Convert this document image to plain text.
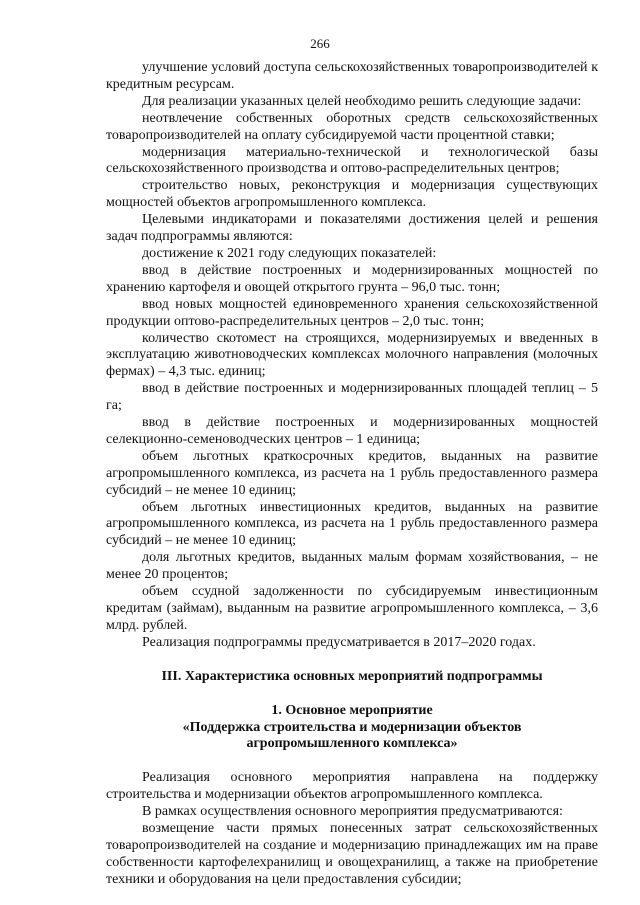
266

улучшение условий доступа сельскохозяйственных товаропроизводителей к кредитным ресурсам.

Для реализации указанных целей необходимо решить следующие задачи:

неотвлечение собственных оборотных средств сельскохозяйственных товаропроизводителей на оплату субсидируемой части процентной ставки;

модернизация материально-технической и технологической базы сельскохозяйственного производства и оптово-распределительных центров;

строительство новых, реконструкция и модернизация существующих мощностей объектов агропромышленного комплекса.

Целевыми индикаторами и показателями достижения целей и решения задач подпрограммы являются:

достижение к 2021 году следующих показателей:

ввод в действие построенных и модернизированных мощностей по хранению картофеля и овощей открытого грунта – 96,0 тыс. тонн;

ввод новых мощностей единовременного хранения сельскохозяйственной продукции оптово-распределительных центров – 2,0 тыс. тонн;

количество скотомест на строящихся, модернизируемых и введенных в эксплуатацию животноводческих комплексах молочного направления (молочных фермах) – 4,3 тыс. единиц;

ввод в действие построенных и модернизированных площадей теплиц – 5 га;

ввод в действие построенных и модернизированных мощностей селекционно-семеноводческих центров – 1 единица;

объем льготных краткосрочных кредитов, выданных на развитие агропромышленного комплекса, из расчета на 1 рубль предоставленного размера субсидий – не менее 10 единиц;

объем льготных инвестиционных кредитов, выданных на развитие агропромышленного комплекса, из расчета на 1 рубль предоставленного размера субсидий – не менее 10 единиц;

доля льготных кредитов, выданных малым формам хозяйствования, – не менее 20 процентов;

объем ссудной задолженности по субсидируемым инвестиционным кредитам (займам), выданным на развитие агропромышленного комплекса, – 3,6 млрд. рублей.

Реализация подпрограммы предусматривается в 2017–2020 годах.

III. Характеристика основных мероприятий подпрограммы

1. Основное мероприятие
«Поддержка строительства и модернизации объектов
агропромышленного комплекса»

Реализация основного мероприятия направлена на поддержку строительства и модернизации объектов агропромышленного комплекса.

В рамках осуществления основного мероприятия предусматриваются:

возмещение части прямых понесенных затрат сельскохозяйственных товаропроизводителей на создание и модернизацию принадлежащих им на праве собственности картофелехранилищ и овощехранилищ, а также на приобретение техники и оборудования на цели предоставления субсидии;
